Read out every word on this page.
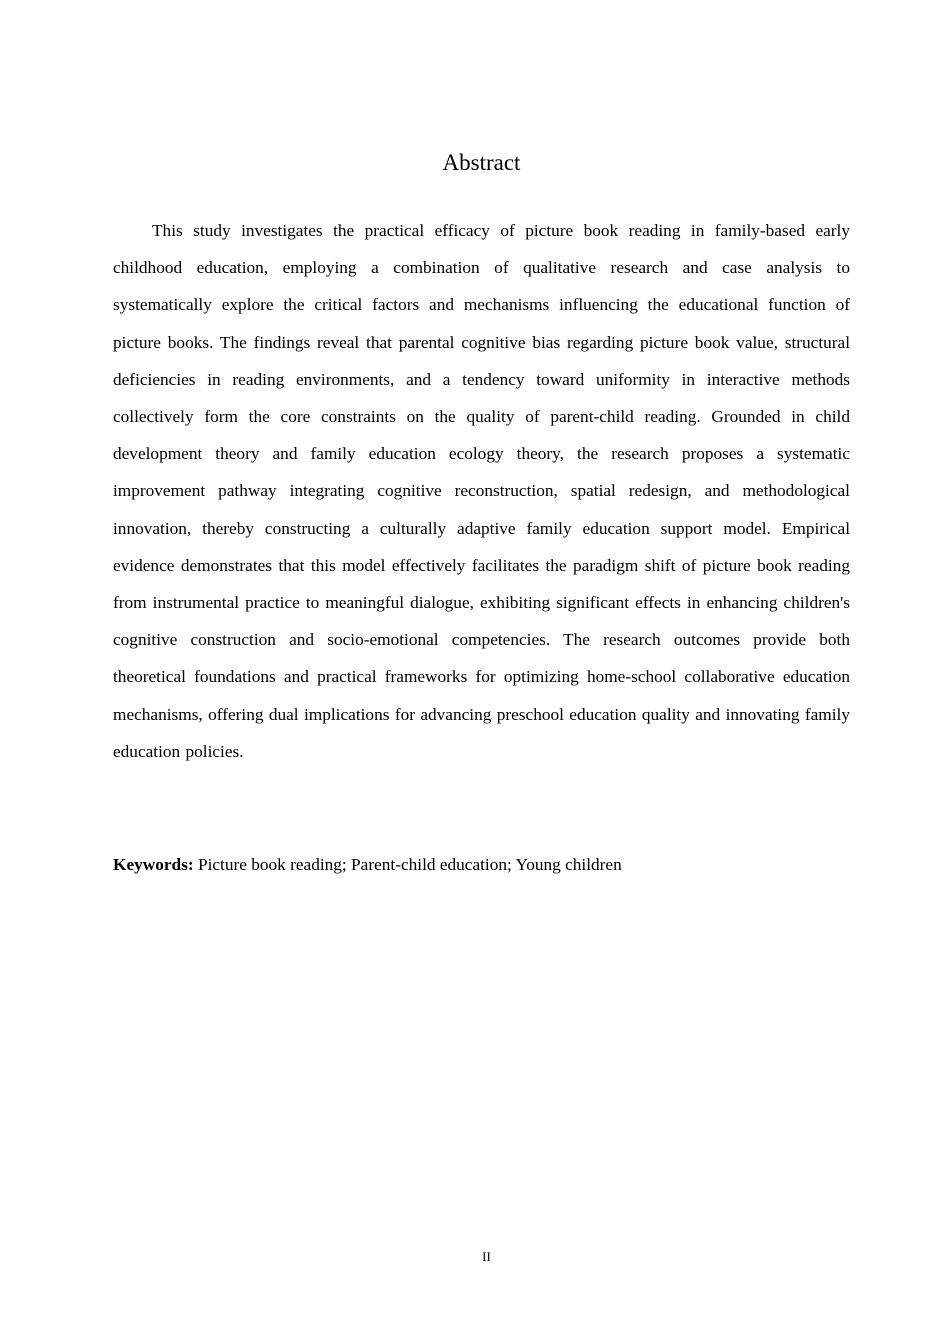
Abstract

This study investigates the practical efficacy of picture book reading in family-based early childhood education, employing a combination of qualitative research and case analysis to systematically explore the critical factors and mechanisms influencing the educational function of picture books. The findings reveal that parental cognitive bias regarding picture book value, structural deficiencies in reading environments, and a tendency toward uniformity in interactive methods collectively form the core constraints on the quality of parent-child reading. Grounded in child development theory and family education ecology theory, the research proposes a systematic improvement pathway integrating cognitive reconstruction, spatial redesign, and methodological innovation, thereby constructing a culturally adaptive family education support model. Empirical evidence demonstrates that this model effectively facilitates the paradigm shift of picture book reading from instrumental practice to meaningful dialogue, exhibiting significant effects in enhancing children's cognitive construction and socio-emotional competencies. The research outcomes provide both theoretical foundations and practical frameworks for optimizing home-school collaborative education mechanisms, offering dual implications for advancing preschool education quality and innovating family education policies.

Keywords: Picture book reading; Parent-child education; Young children

II
